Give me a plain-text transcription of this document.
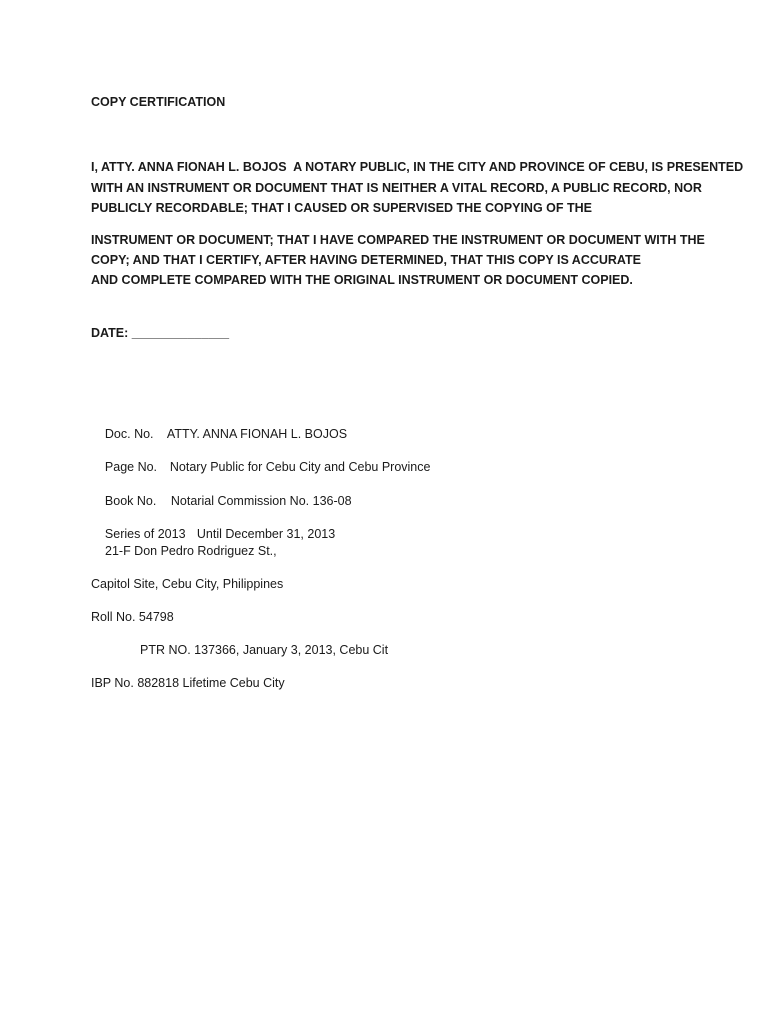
COPY CERTIFICATION
I, ATTY. ANNA FIONAH L. BOJOS  A NOTARY PUBLIC, IN THE CITY AND PROVINCE OF CEBU, IS PRESENTED
WITH AN INSTRUMENT OR DOCUMENT THAT IS NEITHER A VITAL RECORD, A PUBLIC RECORD, NOR
PUBLICLY RECORDABLE; THAT I CAUSED OR SUPERVISED THE COPYING OF THE
INSTRUMENT OR DOCUMENT; THAT I HAVE COMPARED THE INSTRUMENT OR DOCUMENT WITH THE
COPY; AND THAT I CERTIFY, AFTER HAVING DETERMINED, THAT THIS COPY IS ACCURATE
AND COMPLETE COMPARED WITH THE ORIGINAL INSTRUMENT OR DOCUMENT COPIED.
DATE: ______________

Doc. No. ATTY. ANNA FIONAH L. BOJOS

Page No. Notary Public for Cebu City and Cebu Province

Book No. Notarial Commission No. 136-08

Series of 2013 Until December 31, 2013

21-F Don Pedro Rodriguez St.,
Capitol Site, Cebu City, Philippines
Roll No. 54798
PTR NO. 137366, January 3, 2013, Cebu Cit
IBP No. 882818 Lifetime Cebu City
